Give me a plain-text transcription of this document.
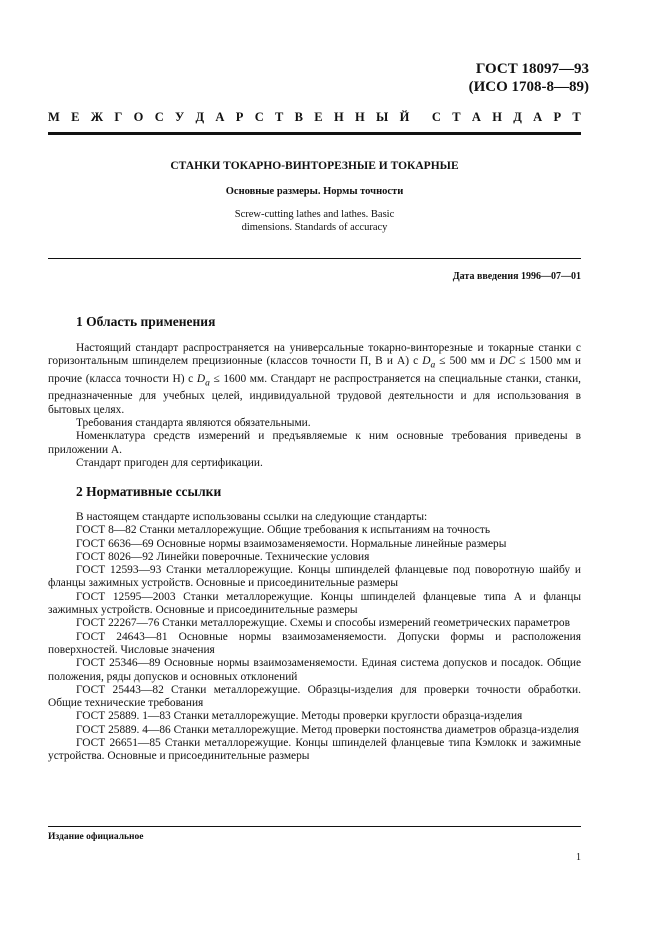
ГОСТ 18097—93
(ИСО 1708-8—89)
М Е Ж Г О С У Д А Р С Т В Е Н Н Ы Й С Т А Н Д А Р Т
СТАНКИ ТОКАРНО-ВИНТОРЕЗНЫЕ И ТОКАРНЫЕ
Основные размеры. Нормы точности
Screw-cutting lathes and lathes. Basic
dimensions. Standards of accuracy
Дата введения 1996—07—01
1 Область применения

Настоящий стандарт распространяется на универсальные токарно-винторезные и токарные станки с горизонтальным шпинделем прецизионные (классов точности П, В и А) с $D_a \le 500$ мм и DC ≤ 1500 мм и прочие (класса точности Н) с $D_a \le 1600$ мм. Стандарт не распространяется на специальные станки, станки, предназначенные для учебных целей, индивидуальной трудовой деятельности и для использования в бытовых целях.

Требования стандарта являются обязательными.

Номенклатура средств измерений и предъявляемые к ним основные требования приведены в приложении А.

Стандарт пригоден для сертификации.

2 Нормативные ссылки

В настоящем стандарте использованы ссылки на следующие стандарты:

ГОСТ 8—82 Станки металлорежущие. Общие требования к испытаниям на точность

ГОСТ 6636—69 Основные нормы взаимозаменяемости. Нормальные линейные размеры

ГОСТ 8026—92 Линейки поверочные. Технические условия

ГОСТ 12593—93 Станки металлорежущие. Концы шпинделей фланцевые под поворотную шайбу и фланцы зажимных устройств. Основные и присоединительные размеры

ГОСТ 12595—2003 Станки металлорежущие. Концы шпинделей фланцевые типа А и фланцы зажимных устройств. Основные и присоединительные размеры

ГОСТ 22267—76 Станки металлорежущие. Схемы и способы измерений геометрических параметров

ГОСТ 24643—81 Основные нормы взаимозаменяемости. Допуски формы и расположения поверхностей. Числовые значения

ГОСТ 25346—89 Основные нормы взаимозаменяемости. Единая система допусков и посадок. Общие положения, ряды допусков и основных отклонений

ГОСТ 25443—82 Станки металлорежущие. Образцы-изделия для проверки точности обработки. Общие технические требования

ГОСТ 25889. 1—83 Станки металлорежущие. Методы проверки круглости образца-изделия

ГОСТ 25889. 4—86 Станки металлорежущие. Метод проверки постоянства диаметров образца-изделия

ГОСТ 26651—85 Станки металлорежущие. Концы шпинделей фланцевые типа Кэмлокк и зажимные устройства. Основные и присоединительные размеры

Издание официальное
1
